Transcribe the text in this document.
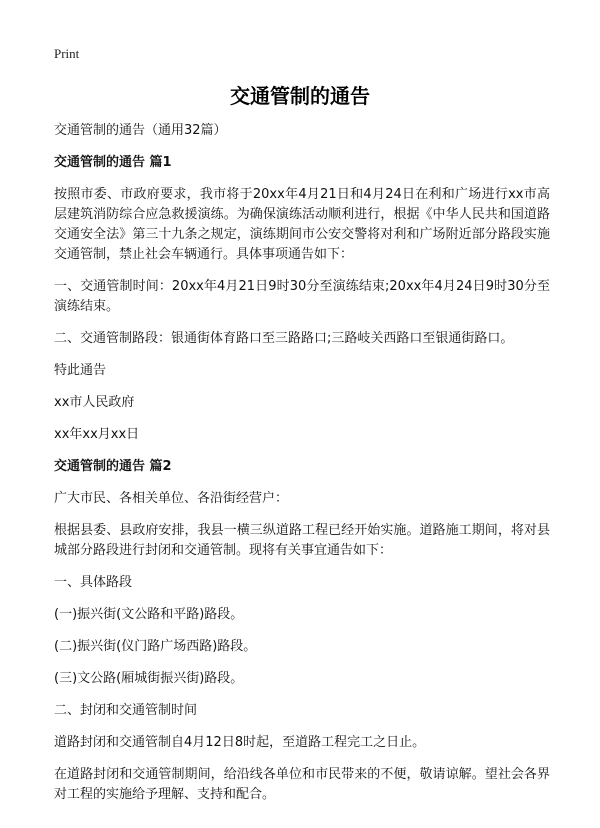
Print
交通管制的通告
交通管制的通告（通用32篇）
交通管制的通告 篇1
按照市委、市政府要求，我市将于20xx年4月21日和4月24日在利和广场进行xx市高层建筑消防综合应急救援演练。为确保演练活动顺利进行，根据《中华人民共和国道路交通安全法》第三十九条之规定，演练期间市公安交警将对利和广场附近部分路段实施交通管制，禁止社会车辆通行。具体事项通告如下：
一、交通管制时间：20xx年4月21日9时30分至演练结束;20xx年4月24日9时30分至演练结束。
二、交通管制路段：银通街体育路口至三路路口;三路岐关西路口至银通街路口。
特此通告
xx市人民政府
xx年xx月xx日
交通管制的通告 篇2
广大市民、各相关单位、各沿街经营户：
根据县委、县政府安排，我县一横三纵道路工程已经开始实施。道路施工期间，将对县城部分路段进行封闭和交通管制。现将有关事宜通告如下：
一、具体路段
(一)振兴街(文公路和平路)路段。
(二)振兴街(仪门路广场西路)路段。
(三)文公路(厢城街振兴街)路段。
二、封闭和交通管制时间
道路封闭和交通管制自4月12日8时起，至道路工程完工之日止。
在道路封闭和交通管制期间，给沿线各单位和市民带来的不便，敬请谅解。望社会各界对工程的实施给予理解、支持和配合。
